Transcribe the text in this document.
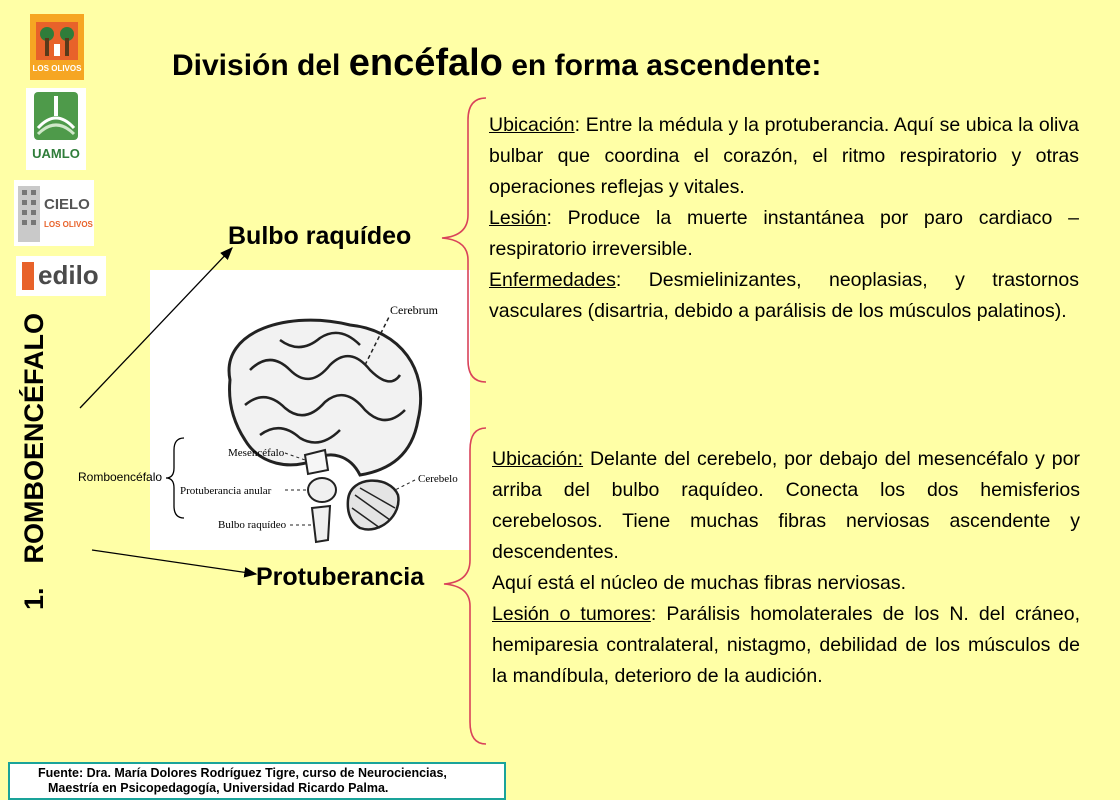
LOS OLIVOS
UAMLO
CIELO
LOS OLIVOS
edilo
División del encéfalo en forma ascendente:
1.ROMBOENCÉFALO
Cerebrum
Mesencéfalo
Protuberancia anular
Bulbo raquídeo
Cerebelo
Romboencéfalo
Bulbo raquídeo
Protuberancia

Ubicación: Entre la médula y la protuberancia. Aquí se ubica la oliva bulbar que coordina el corazón, el ritmo respiratorio y otras operaciones reflejas y vitales.

Lesión: Produce la muerte instantánea por paro cardiaco – respiratorio irreversible.

Enfermedades: Desmielinizantes, neoplasias, y trastornos vasculares (disartria, debido a parálisis de los músculos palatinos).

Ubicación: Delante del cerebelo, por debajo del mesencéfalo y por arriba del bulbo raquídeo. Conecta los dos hemisferios cerebelosos. Tiene muchas fibras nerviosas ascendente y descendentes.

Aquí está el núcleo de muchas fibras nerviosas.

Lesión o tumores: Parálisis homolaterales de los N. del cráneo, hemiparesia contralateral, nistagmo, debilidad de los músculos de la mandíbula, deterioro de la audición.

Fuente: Dra. María Dolores Rodríguez Tigre, curso de Neurociencias,
Maestría en Psicopedagogía, Universidad Ricardo Palma.
